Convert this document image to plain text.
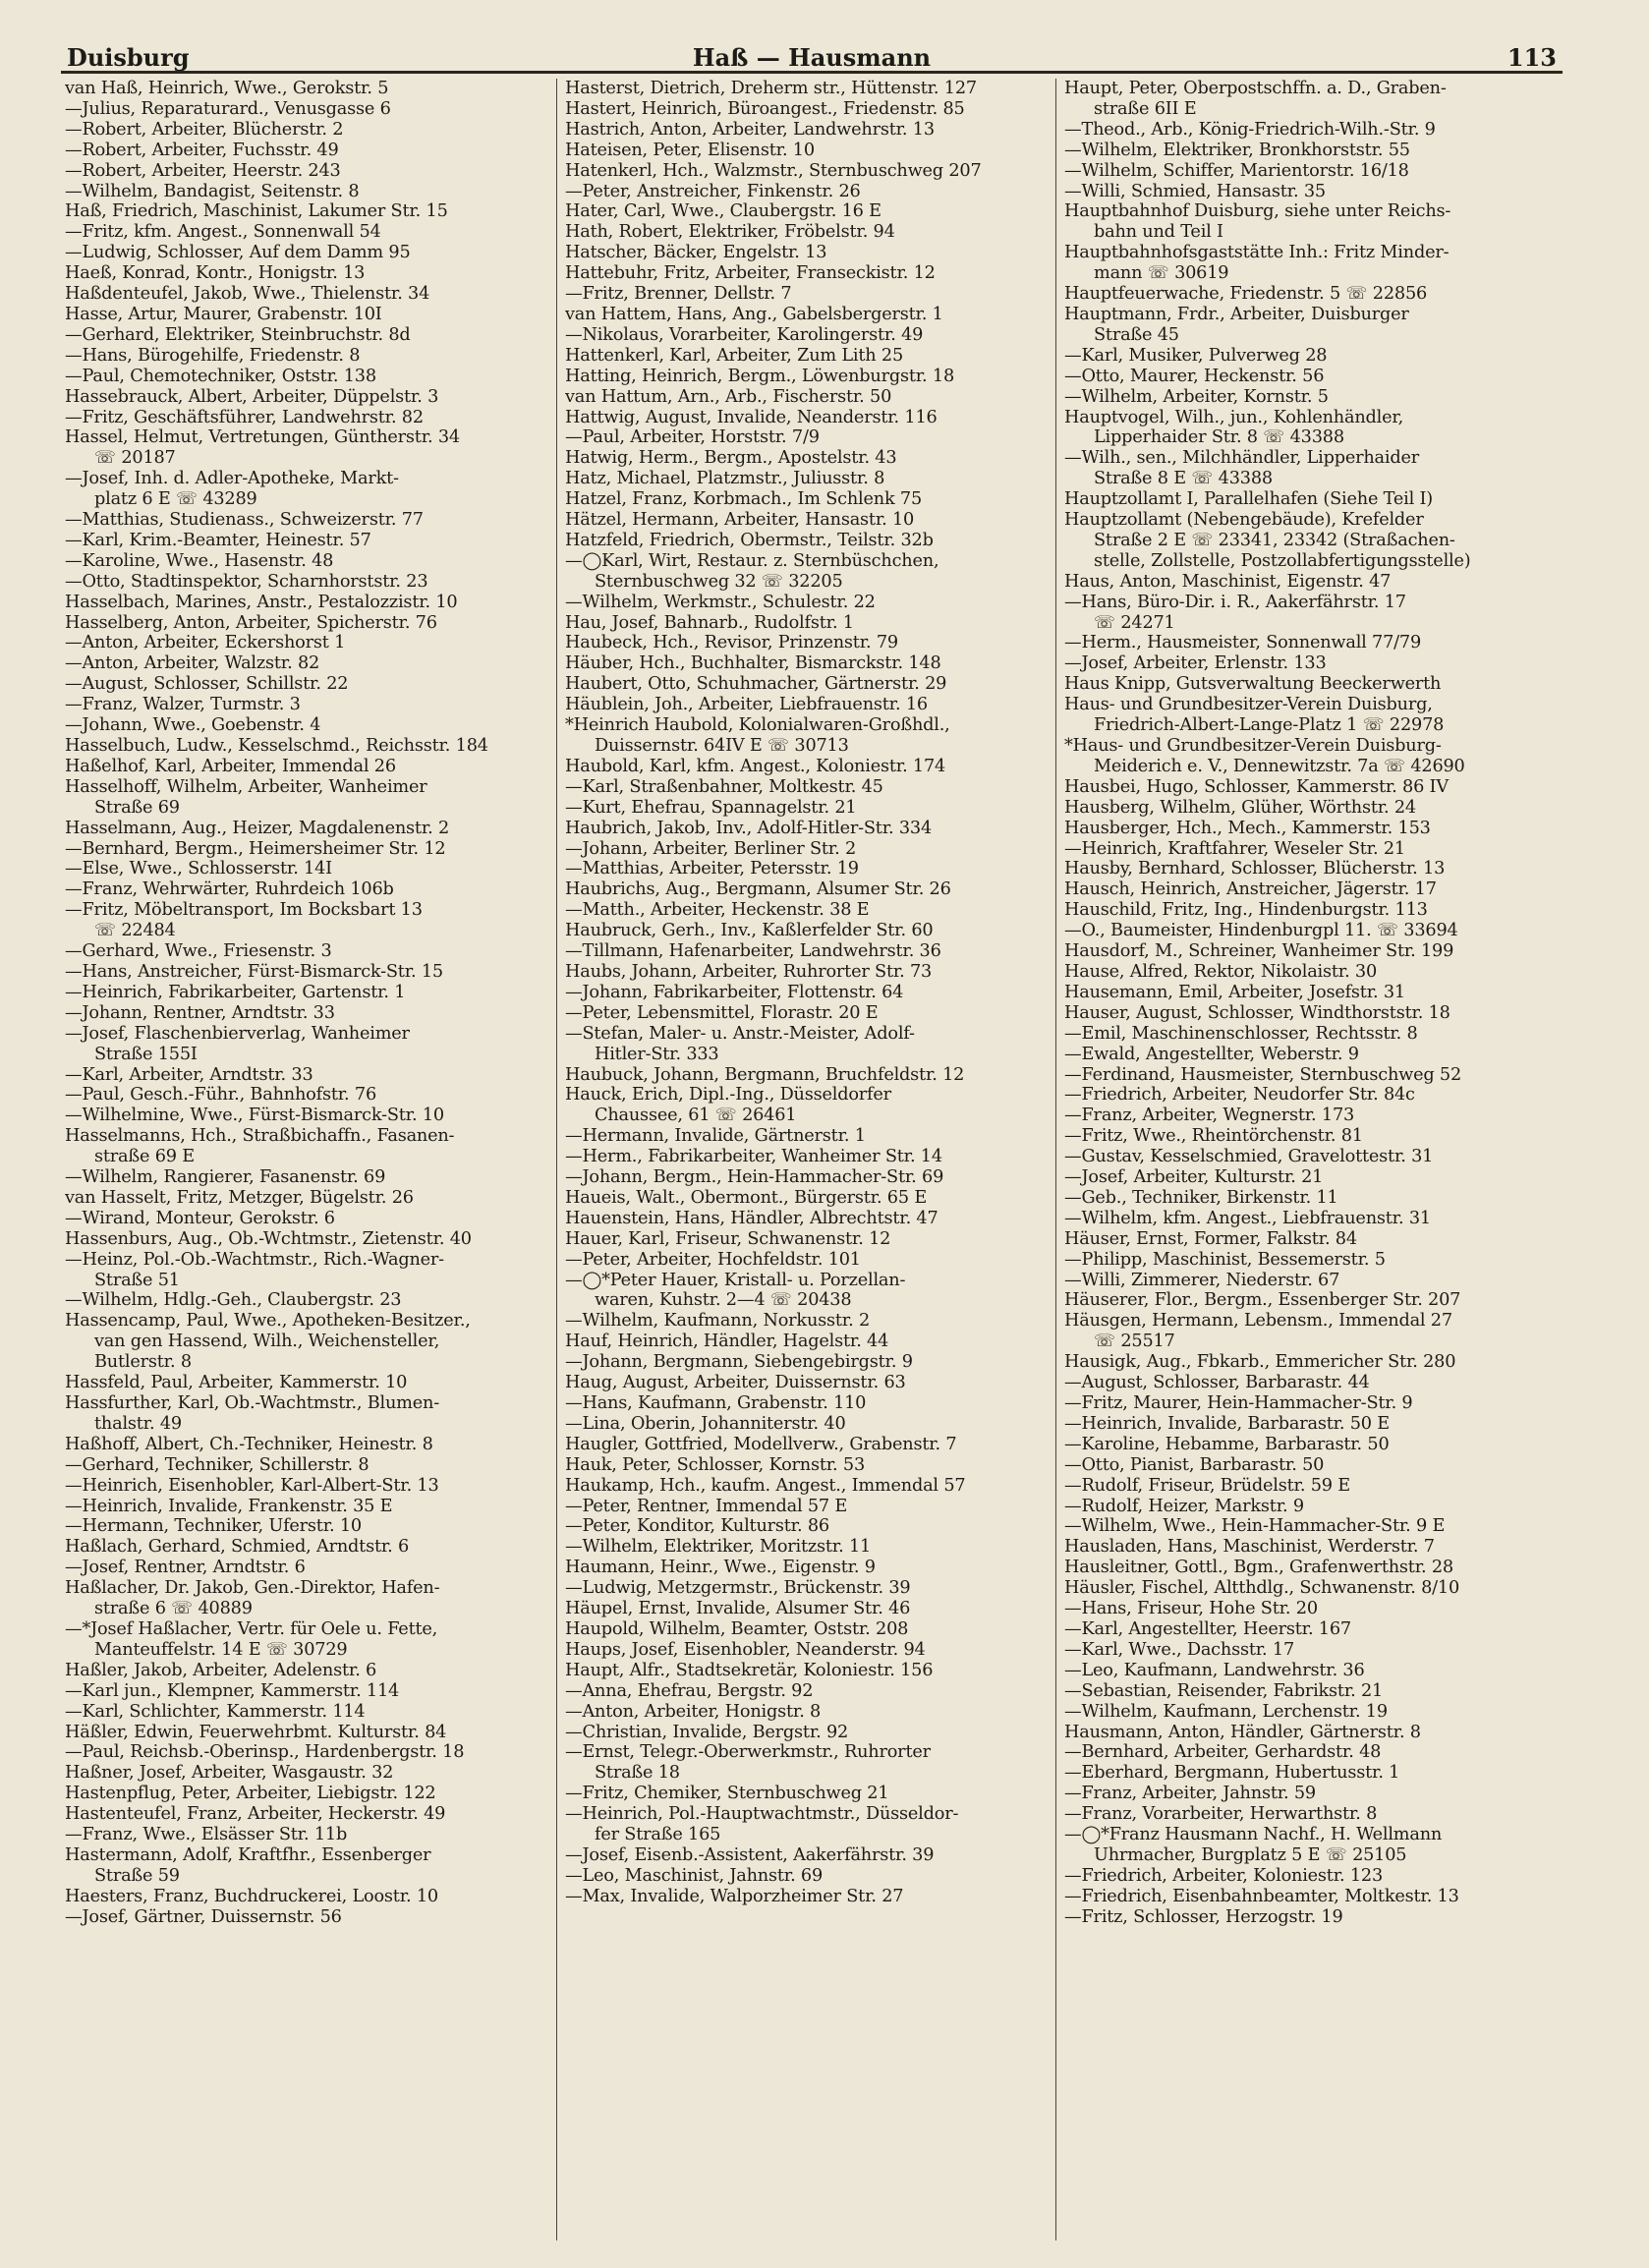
Duisburg	Haß — Hausmann	113

van Haß, Heinrich, Wwe., Gerokstr. 5

—Julius, Reparaturard., Venusgasse 6

—Robert, Arbeiter, Blücherstr. 2

—Robert, Arbeiter, Fuchsstr. 49

—Robert, Arbeiter, Heerstr. 243

—Wilhelm, Bandagist, Seitenstr. 8

Haß, Friedrich, Maschinist, Lakumer Str. 15

—Fritz, kfm. Angest., Sonnenwall 54

—Ludwig, Schlosser, Auf dem Damm 95

Haeß, Konrad, Kontr., Honigstr. 13

Haßdenteufel, Jakob, Wwe., Thielenstr. 34

Hasse, Artur, Maurer, Grabenstr. 10I

—Gerhard, Elektriker, Steinbruchstr. 8d

—Hans, Bürogehilfe, Friedenstr. 8

—Paul, Chemotechniker, Oststr. 138

Hassebrauck, Albert, Arbeiter, Düppelstr. 3

—Fritz, Geschäftsführer, Landwehrstr. 82

Hassel, Helmut, Vertretungen, Güntherstr. 34

☏ 20187

—Josef, Inh. d. Adler-Apotheke, Markt-

platz 6 E ☏ 43289

—Matthias, Studienass., Schweizerstr. 77

—Karl, Krim.-Beamter, Heinestr. 57

—Karoline, Wwe., Hasenstr. 48

—Otto, Stadtinspektor, Scharnhorststr. 23

Hasselbach, Marines, Anstr., Pestalozzistr. 10

Hasselberg, Anton, Arbeiter, Spicherstr. 76

—Anton, Arbeiter, Eckershorst 1

—Anton, Arbeiter, Walzstr. 82

—August, Schlosser, Schillstr. 22

—Franz, Walzer, Turmstr. 3

—Johann, Wwe., Goebenstr. 4

Hasselbuch, Ludw., Kesselschmd., Reichsstr. 184

Haßelhof, Karl, Arbeiter, Immendal 26

Hasselhoff, Wilhelm, Arbeiter, Wanheimer

Straße 69

Hasselmann, Aug., Heizer, Magdalenenstr. 2

—Bernhard, Bergm., Heimersheimer Str. 12

—Else, Wwe., Schlosserstr. 14I

—Franz, Wehrwärter, Ruhrdeich 106b

—Fritz, Möbeltransport, Im Bocksbart 13

☏ 22484

—Gerhard, Wwe., Friesenstr. 3

—Hans, Anstreicher, Fürst-Bismarck-Str. 15

—Heinrich, Fabrikarbeiter, Gartenstr. 1

—Johann, Rentner, Arndtstr. 33

—Josef, Flaschenbierverlag, Wanheimer

Straße 155I

—Karl, Arbeiter, Arndtstr. 33

—Paul, Gesch.-Führ., Bahnhofstr. 76

—Wilhelmine, Wwe., Fürst-Bismarck-Str. 10

Hasselmanns, Hch., Straßbichaffn., Fasanen-

straße 69 E

—Wilhelm, Rangierer, Fasanenstr. 69

van Hasselt, Fritz, Metzger, Bügelstr. 26

—Wirand, Monteur, Gerokstr. 6

Hassenburs, Aug., Ob.-Wchtmstr., Zietenstr. 40

—Heinz, Pol.-Ob.-Wachtmstr., Rich.-Wagner-

Straße 51

—Wilhelm, Hdlg.-Geh., Claubergstr. 23

Hassencamp, Paul, Wwe., Apotheken-Besitzer.,

van gen Hassend, Wilh., Weichensteller,

Butlerstr. 8

Hassfeld, Paul, Arbeiter, Kammerstr. 10

Hassfurther, Karl, Ob.-Wachtmstr., Blumen-

thalstr. 49

Haßhoff, Albert, Ch.-Techniker, Heinestr. 8

—Gerhard, Techniker, Schillerstr. 8

—Heinrich, Eisenhobler, Karl-Albert-Str. 13

—Heinrich, Invalide, Frankenstr. 35 E

—Hermann, Techniker, Uferstr. 10

Haßlach, Gerhard, Schmied, Arndtstr. 6

—Josef, Rentner, Arndtstr. 6

Haßlacher, Dr. Jakob, Gen.-Direktor, Hafen-

straße 6 ☏ 40889

—*Josef Haßlacher, Vertr. für Oele u. Fette,

Manteuffelstr. 14 E ☏ 30729

Haßler, Jakob, Arbeiter, Adelenstr. 6

—Karl jun., Klempner, Kammerstr. 114

—Karl, Schlichter, Kammerstr. 114

Häßler, Edwin, Feuerwehrbmt. Kulturstr. 84

—Paul, Reichsb.-Oberinsp., Hardenbergstr. 18

Haßner, Josef, Arbeiter, Wasgaustr. 32

Hastenpflug, Peter, Arbeiter, Liebigstr. 122

Hastenteufel, Franz, Arbeiter, Heckerstr. 49

—Franz, Wwe., Elsässer Str. 11b

Hastermann, Adolf, Kraftfhr., Essenberger

Straße 59

Haesters, Franz, Buchdruckerei, Loostr. 10

—Josef, Gärtner, Duissernstr. 56

Hasterst, Dietrich, Dreherm str., Hüttenstr. 127

Hastert, Heinrich, Büroangest., Friedenstr. 85

Hastrich, Anton, Arbeiter, Landwehrstr. 13

Hateisen, Peter, Elisenstr. 10

Hatenkerl, Hch., Walzmstr., Sternbuschweg 207

—Peter, Anstreicher, Finkenstr. 26

Hater, Carl, Wwe., Claubergstr. 16 E

Hath, Robert, Elektriker, Fröbelstr. 94

Hatscher, Bäcker, Engelstr. 13

Hattebuhr, Fritz, Arbeiter, Franseckistr. 12

—Fritz, Brenner, Dellstr. 7

van Hattem, Hans, Ang., Gabelsbergerstr. 1

—Nikolaus, Vorarbeiter, Karolingerstr. 49

Hattenkerl, Karl, Arbeiter, Zum Lith 25

Hatting, Heinrich, Bergm., Löwenburgstr. 18

van Hattum, Arn., Arb., Fischerstr. 50

Hattwig, August, Invalide, Neanderstr. 116

—Paul, Arbeiter, Horststr. 7/9

Hatwig, Herm., Bergm., Apostelstr. 43

Hatz, Michael, Platzmstr., Juliusstr. 8

Hatzel, Franz, Korbmach., Im Schlenk 75

Hätzel, Hermann, Arbeiter, Hansastr. 10

Hatzfeld, Friedrich, Obermstr., Teilstr. 32b

—◯Karl, Wirt, Restaur. z. Sternbüschchen,

Sternbuschweg 32 ☏ 32205

—Wilhelm, Werkmstr., Schulestr. 22

Hau, Josef, Bahnarb., Rudolfstr. 1

Haubeck, Hch., Revisor, Prinzenstr. 79

Häuber, Hch., Buchhalter, Bismarckstr. 148

Haubert, Otto, Schuhmacher, Gärtnerstr. 29

Häublein, Joh., Arbeiter, Liebfrauenstr. 16

*Heinrich Haubold, Kolonialwaren-Großhdl.,

Duissernstr. 64IV E ☏ 30713

Haubold, Karl, kfm. Angest., Koloniestr. 174

—Karl, Straßenbahner, Moltkestr. 45

—Kurt, Ehefrau, Spannagelstr. 21

Haubrich, Jakob, Inv., Adolf-Hitler-Str. 334

—Johann, Arbeiter, Berliner Str. 2

—Matthias, Arbeiter, Petersstr. 19

Haubrichs, Aug., Bergmann, Alsumer Str. 26

—Matth., Arbeiter, Heckenstr. 38 E

Haubruck, Gerh., Inv., Kaßlerfelder Str. 60

—Tillmann, Hafenarbeiter, Landwehrstr. 36

Haubs, Johann, Arbeiter, Ruhrorter Str. 73

—Johann, Fabrikarbeiter, Flottenstr. 64

—Peter, Lebensmittel, Florastr. 20 E

—Stefan, Maler- u. Anstr.-Meister, Adolf-

Hitler-Str. 333

Haubuck, Johann, Bergmann, Bruchfeldstr. 12

Hauck, Erich, Dipl.-Ing., Düsseldorfer

Chaussee, 61 ☏ 26461

—Hermann, Invalide, Gärtnerstr. 1

—Herm., Fabrikarbeiter, Wanheimer Str. 14

—Johann, Bergm., Hein-Hammacher-Str. 69

Haueis, Walt., Obermont., Bürgerstr. 65 E

Hauenstein, Hans, Händler, Albrechtstr. 47

Hauer, Karl, Friseur, Schwanenstr. 12

—Peter, Arbeiter, Hochfeldstr. 101

—◯*Peter Hauer, Kristall- u. Porzellan-

waren, Kuhstr. 2—4 ☏ 20438

—Wilhelm, Kaufmann, Norkusstr. 2

Hauf, Heinrich, Händler, Hagelstr. 44

—Johann, Bergmann, Siebengebirgstr. 9

Haug, August, Arbeiter, Duissernstr. 63

—Hans, Kaufmann, Grabenstr. 110

—Lina, Oberin, Johanniterstr. 40

Haugler, Gottfried, Modellverw., Grabenstr. 7

Hauk, Peter, Schlosser, Kornstr. 53

Haukamp, Hch., kaufm. Angest., Immendal 57

—Peter, Rentner, Immendal 57 E

—Peter, Konditor, Kulturstr. 86

—Wilhelm, Elektriker, Moritzstr. 11

Haumann, Heinr., Wwe., Eigenstr. 9

—Ludwig, Metzgermstr., Brückenstr. 39

Häupel, Ernst, Invalide, Alsumer Str. 46

Haupold, Wilhelm, Beamter, Oststr. 208

Haups, Josef, Eisenhobler, Neanderstr. 94

Haupt, Alfr., Stadtsekretär, Koloniestr. 156

—Anna, Ehefrau, Bergstr. 92

—Anton, Arbeiter, Honigstr. 8

—Christian, Invalide, Bergstr. 92

—Ernst, Telegr.-Oberwerkmstr., Ruhrorter

Straße 18

—Fritz, Chemiker, Sternbuschweg 21

—Heinrich, Pol.-Hauptwachtmstr., Düsseldor-

fer Straße 165

—Josef, Eisenb.-Assistent, Aakerfährstr. 39

—Leo, Maschinist, Jahnstr. 69

—Max, Invalide, Walporzheimer Str. 27

Haupt, Peter, Oberpostschffn. a. D., Graben-

straße 6II E

—Theod., Arb., König-Friedrich-Wilh.-Str. 9

—Wilhelm, Elektriker, Bronkhorststr. 55

—Wilhelm, Schiffer, Marientorstr. 16/18

—Willi, Schmied, Hansastr. 35

Hauptbahnhof Duisburg, siehe unter Reichs-

bahn und Teil I

Hauptbahnhofsgaststätte Inh.: Fritz Minder-

mann ☏ 30619

Hauptfeuerwache, Friedenstr. 5 ☏ 22856

Hauptmann, Frdr., Arbeiter, Duisburger

Straße 45

—Karl, Musiker, Pulverweg 28

—Otto, Maurer, Heckenstr. 56

—Wilhelm, Arbeiter, Kornstr. 5

Hauptvogel, Wilh., jun., Kohlenhändler,

Lipperhaider Str. 8 ☏ 43388

—Wilh., sen., Milchhändler, Lipperhaider

Straße 8 E ☏ 43388

Hauptzollamt I, Parallelhafen (Siehe Teil I)

Hauptzollamt (Nebengebäude), Krefelder

Straße 2 E ☏ 23341, 23342 (Straßachen-

stelle, Zollstelle, Postzollabfertigungsstelle)

Haus, Anton, Maschinist, Eigenstr. 47

—Hans, Büro-Dir. i. R., Aakerfährstr. 17

☏ 24271

—Herm., Hausmeister, Sonnenwall 77/79

—Josef, Arbeiter, Erlenstr. 133

Haus Knipp, Gutsverwaltung Beeckerwerth

Haus- und Grundbesitzer-Verein Duisburg,

Friedrich-Albert-Lange-Platz 1 ☏ 22978

*Haus- und Grundbesitzer-Verein Duisburg-

Meiderich e. V., Dennewitzstr. 7a ☏ 42690

Hausbei, Hugo, Schlosser, Kammerstr. 86 IV

Hausberg, Wilhelm, Glüher, Wörthstr. 24

Hausberger, Hch., Mech., Kammerstr. 153

—Heinrich, Kraftfahrer, Weseler Str. 21

Hausby, Bernhard, Schlosser, Blücherstr. 13

Hausch, Heinrich, Anstreicher, Jägerstr. 17

Hauschild, Fritz, Ing., Hindenburgstr. 113

—O., Baumeister, Hindenburgpl 11. ☏ 33694

Hausdorf, M., Schreiner, Wanheimer Str. 199

Hause, Alfred, Rektor, Nikolaistr. 30

Hausemann, Emil, Arbeiter, Josefstr. 31

Hauser, August, Schlosser, Windthorststr. 18

—Emil, Maschinenschlosser, Rechtsstr. 8

—Ewald, Angestellter, Weberstr. 9

—Ferdinand, Hausmeister, Sternbuschweg 52

—Friedrich, Arbeiter, Neudorfer Str. 84c

—Franz, Arbeiter, Wegnerstr. 173

—Fritz, Wwe., Rheintörchenstr. 81

—Gustav, Kesselschmied, Gravelottestr. 31

—Josef, Arbeiter, Kulturstr. 21

—Geb., Techniker, Birkenstr. 11

—Wilhelm, kfm. Angest., Liebfrauenstr. 31

Häuser, Ernst, Former, Falkstr. 84

—Philipp, Maschinist, Bessemerstr. 5

—Willi, Zimmerer, Niederstr. 67

Häuserer, Flor., Bergm., Essenberger Str. 207

Häusgen, Hermann, Lebensm., Immendal 27

☏ 25517

Hausigk, Aug., Fbkarb., Emmericher Str. 280

—August, Schlosser, Barbarastr. 44

—Fritz, Maurer, Hein-Hammacher-Str. 9

—Heinrich, Invalide, Barbarastr. 50 E

—Karoline, Hebamme, Barbarastr. 50

—Otto, Pianist, Barbarastr. 50

—Rudolf, Friseur, Brüdelstr. 59 E

—Rudolf, Heizer, Markstr. 9

—Wilhelm, Wwe., Hein-Hammacher-Str. 9 E

Hausladen, Hans, Maschinist, Werderstr. 7

Hausleitner, Gottl., Bgm., Grafenwerthstr. 28

Häusler, Fischel, Altthdlg., Schwanenstr. 8/10

—Hans, Friseur, Hohe Str. 20

—Karl, Angestellter, Heerstr. 167

—Karl, Wwe., Dachsstr. 17

—Leo, Kaufmann, Landwehrstr. 36

—Sebastian, Reisender, Fabrikstr. 21

—Wilhelm, Kaufmann, Lerchenstr. 19

Hausmann, Anton, Händler, Gärtnerstr. 8

—Bernhard, Arbeiter, Gerhardstr. 48

—Eberhard, Bergmann, Hubertusstr. 1

—Franz, Arbeiter, Jahnstr. 59

—Franz, Vorarbeiter, Herwarthstr. 8

—◯*Franz Hausmann Nachf., H. Wellmann

Uhrmacher, Burgplatz 5 E ☏ 25105

—Friedrich, Arbeiter, Koloniestr. 123

—Friedrich, Eisenbahnbeamter, Moltkestr. 13

—Fritz, Schlosser, Herzogstr. 19
